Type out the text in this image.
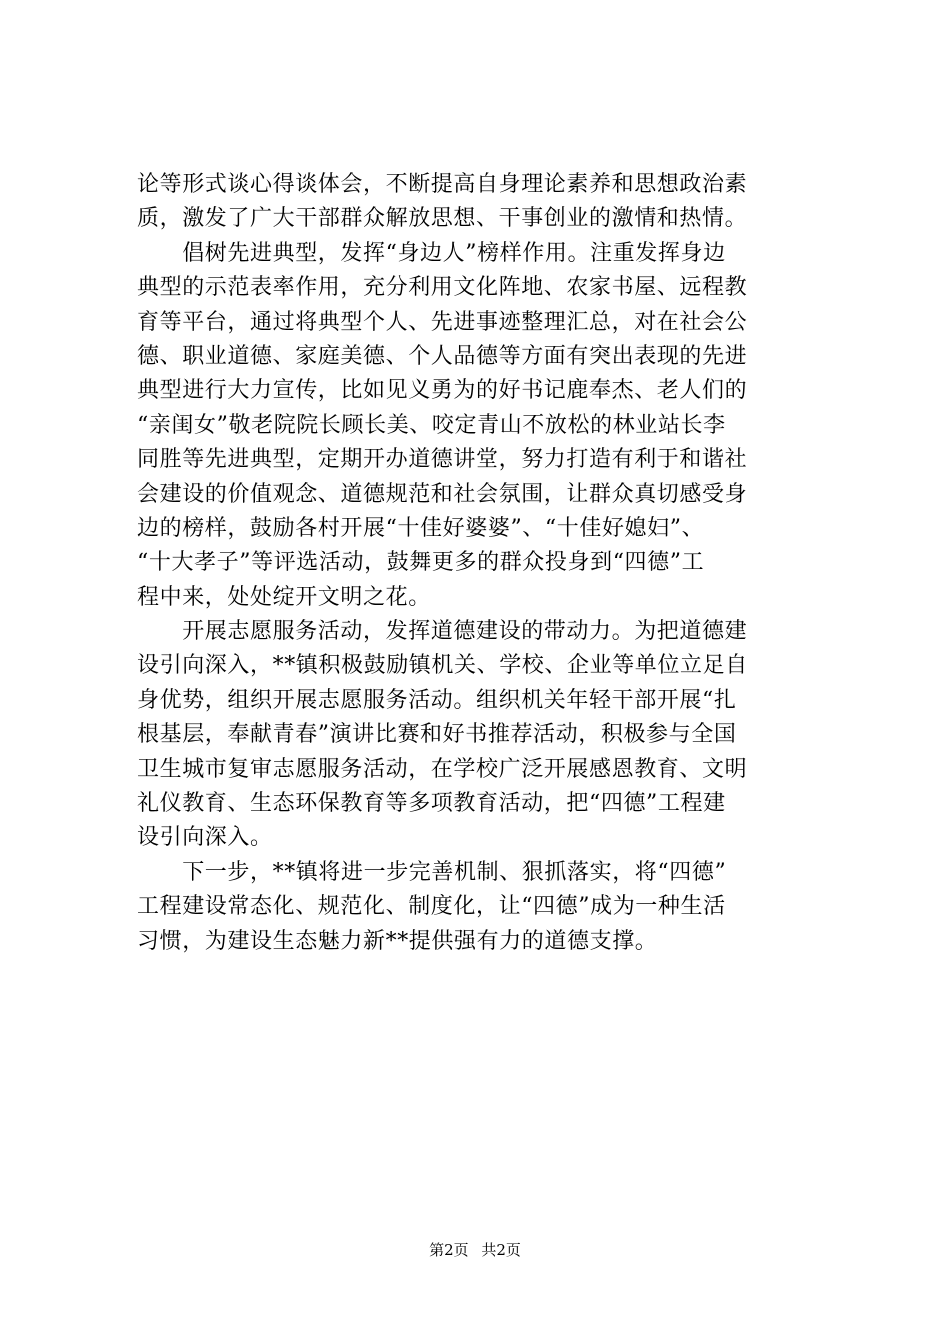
论等形式谈心得谈体会，不断提高自身理论素养和思想政治素
质，激发了广大干部群众解放思想、干事创业的激情和热情。
　　倡树先进典型，发挥“身边人”榜样作用。注重发挥身边
典型的示范表率作用，充分利用文化阵地、农家书屋、远程教
育等平台，通过将典型个人、先进事迹整理汇总，对在社会公
德、职业道德、家庭美德、个人品德等方面有突出表现的先进
典型进行大力宣传，比如见义勇为的好书记鹿奉杰、老人们的
“亲闺女”敬老院院长顾长美、咬定青山不放松的林业站长李
同胜等先进典型，定期开办道德讲堂，努力打造有利于和谐社
会建设的价值观念、道德规范和社会氛围，让群众真切感受身
边的榜样，鼓励各村开展“十佳好婆婆”、“十佳好媳妇”、
“十大孝子”等评选活动，鼓舞更多的群众投身到“四德”工
程中来，处处绽开文明之花。
　　开展志愿服务活动，发挥道德建设的带动力。为把道德建
设引向深入，**镇积极鼓励镇机关、学校、企业等单位立足自
身优势，组织开展志愿服务活动。组织机关年轻干部开展“扎
根基层，奉献青春”演讲比赛和好书推荐活动，积极参与全国
卫生城市复审志愿服务活动，在学校广泛开展感恩教育、文明
礼仪教育、生态环保教育等多项教育活动，把“四德”工程建
设引向深入。
　　下一步，**镇将进一步完善机制、狠抓落实，将“四德”
工程建设常态化、规范化、制度化，让“四德”成为一种生活
习惯，为建设生态魅力新**提供强有力的道德支撑。
第2页 共2页
